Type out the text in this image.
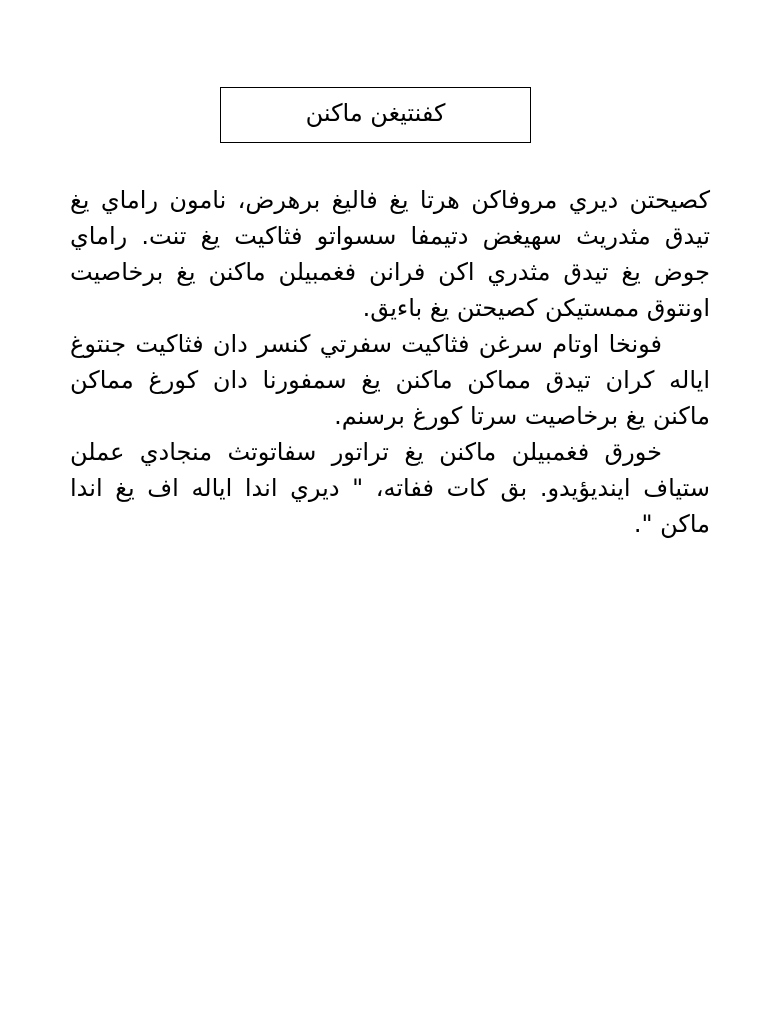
كفنتيغن ماكنن

كصيحتن ديري مروفاكن هرتا يغ فاليغ برهرض، نامون راماي يغ تيدق مثدريث سهيغض دتيمفا سسواتو فثاكيت يغ تنت. راماي جوض يغ تيدق مثدري اكن فرانن فغمبيلن ماكنن يغ برخاصيت اونتوق ممستيكن كصيحتن يغ باءيق.

فونخا اوتام سرغن فثاكيت سفرتي كنسر دان فثاكيت جنتوغ اياله كران تيدق مماكن ماكنن يغ سمفورنا دان كورغ مماكن ماكنن يغ برخاصيت سرتا كورغ برسنم.

خورق فغمبيلن ماكنن يغ تراتور سفاتوتث منجادي عملن ستياف ايندیؤيدو. بق كات ففاته، " ديري اندا اياله اف يغ اندا ماكن ".
